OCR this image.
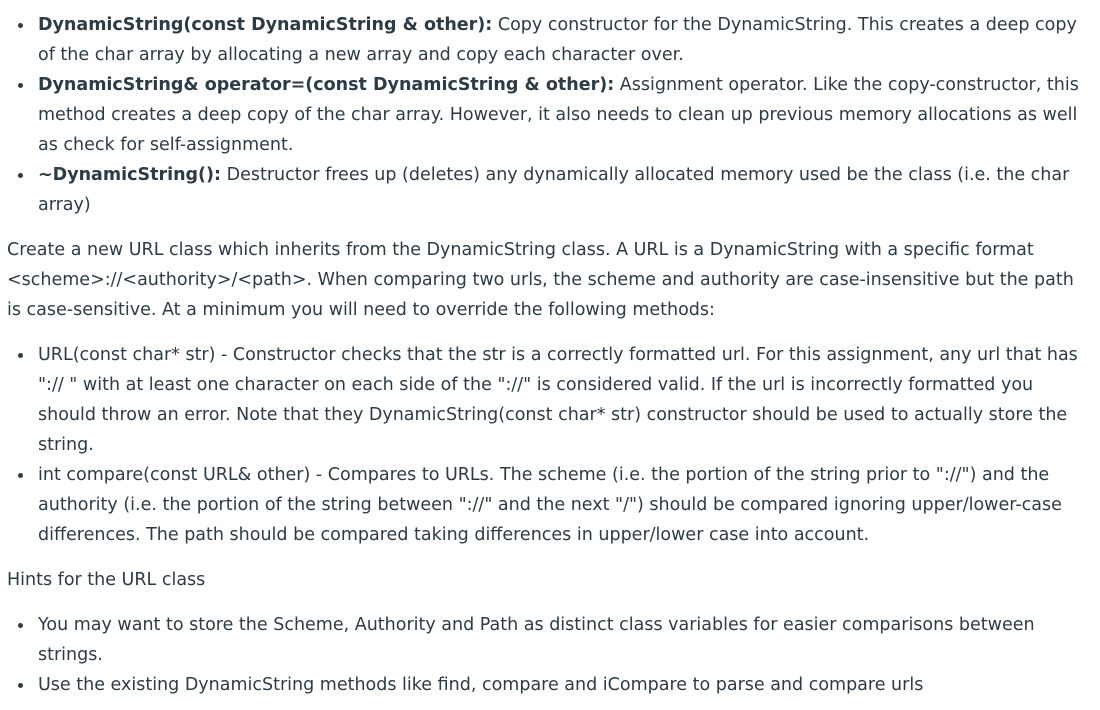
DynamicString(const DynamicString & other): Copy constructor for the DynamicString. This creates a deep copy of the char array by allocating a new array and copy each character over.
DynamicString& operator=(const DynamicString & other): Assignment operator. Like the copy-constructor, this method creates a deep copy of the char array. However, it also needs to clean up previous memory allocations as well as check for self-assignment.
~DynamicString(): Destructor frees up (deletes) any dynamically allocated memory used be the class (i.e. the char array)

Create a new URL class which inherits from the DynamicString class. A URL is a DynamicString with a specific format <scheme>://<authority>/<path>. When comparing two urls, the scheme and authority are case-insensitive but the path is case-sensitive. At a minimum you will need to override the following methods:

URL(const char* str) - Constructor checks that the str is a correctly formatted url. For this assignment, any url that has ":// " with at least one character on each side of the "://" is considered valid. If the url is incorrectly formatted you should throw an error. Note that they DynamicString(const char* str) constructor should be used to actually store the string.
int compare(const URL& other) - Compares to URLs. The scheme (i.e. the portion of the string prior to "://") and the authority (i.e. the portion of the string between "://" and the next "/") should be compared ignoring upper/lower-case differences. The path should be compared taking differences in upper/lower case into account.

Hints for the URL class

You may want to store the Scheme, Authority and Path as distinct class variables for easier comparisons between strings.
Use the existing DynamicString methods like find, compare and iCompare to parse and compare urls
